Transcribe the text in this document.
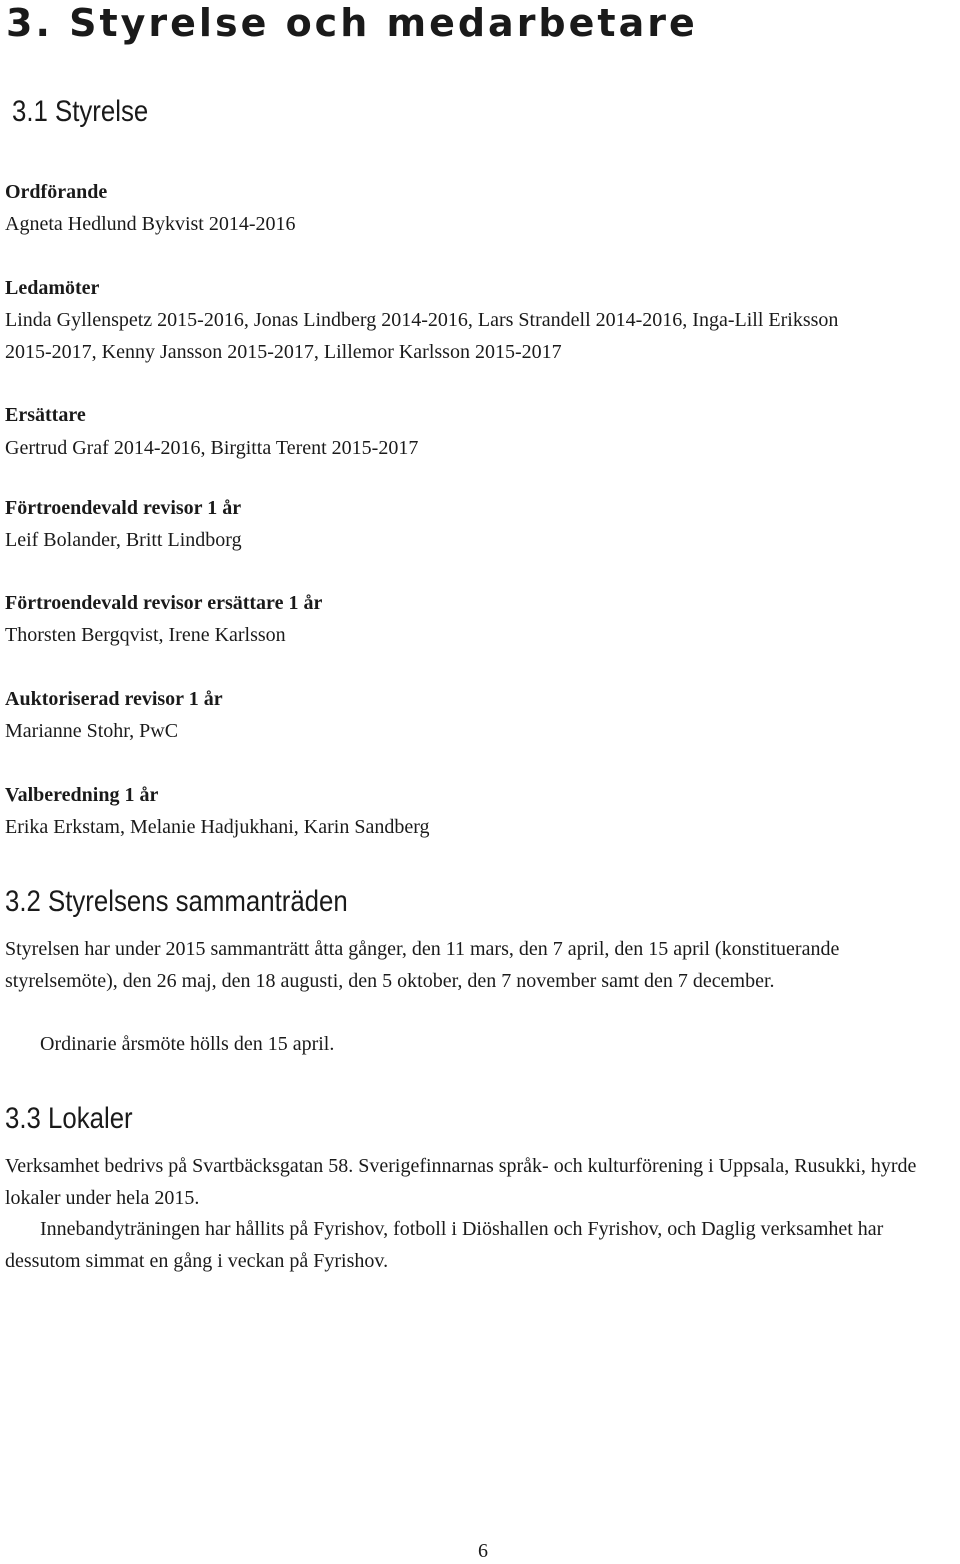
3. Styrelse och medarbetare
3.1 Styrelse
Ordförande
Agneta Hedlund Bykvist 2014-2016
Ledamöter
Linda Gyllenspetz 2015-2016, Jonas Lindberg 2014-2016, Lars Strandell 2014-2016, Inga-Lill Eriksson
2015-2017, Kenny Jansson 2015-2017, Lillemor Karlsson 2015-2017
Ersättare
Gertrud Graf 2014-2016, Birgitta Terent 2015-2017
Förtroendevald revisor 1 år
Leif Bolander, Britt Lindborg
Förtroendevald revisor ersättare 1 år
Thorsten Bergqvist, Irene Karlsson
Auktoriserad revisor 1 år
Marianne Stohr, PwC
Valberedning 1 år
Erika Erkstam, Melanie Hadjukhani, Karin Sandberg
3.2 Styrelsens sammanträden

Styrelsen har under 2015 sammanträtt åtta gånger, den 11 mars, den 7 april, den 15 april (konstituerande styrelsemöte), den 26 maj, den 18 augusti, den 5 oktober, den 7 november samt den 7 december.

Ordinarie årsmöte hölls den 15 april.

3.3 Lokaler

Verksamhet bedrivs på Svartbäcksgatan 58. Sverigefinnarnas språk- och kulturförening i Uppsala, Rusukki, hyrde lokaler under hela 2015.

Innebandyträningen har hållits på Fyrishov, fotboll i Diöshallen och Fyrishov, och Daglig verksamhet har dessutom simmat en gång i veckan på Fyrishov.

6
